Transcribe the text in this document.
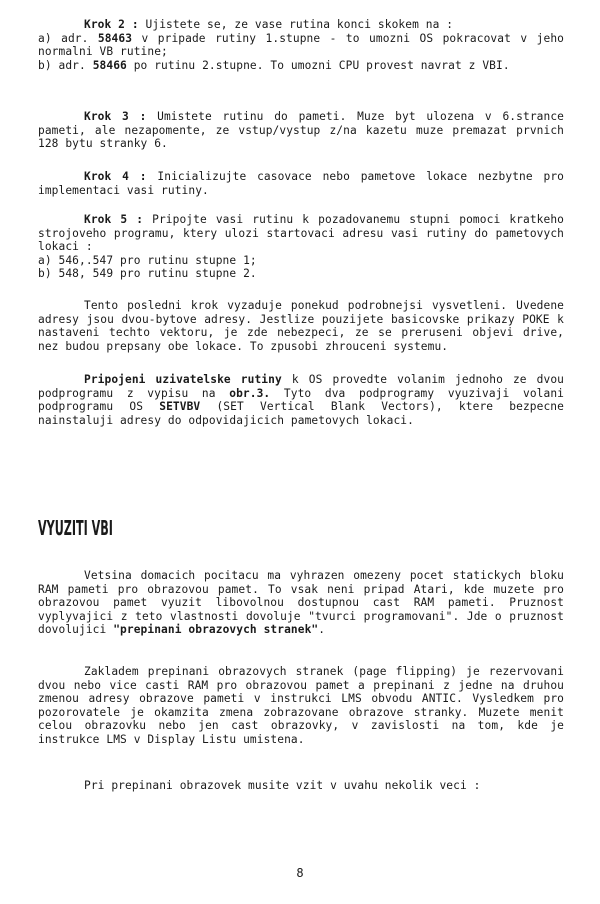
Krok 2 : Ujistete se, ze vase rutina konci skokem na :

a) adr. 58463 v pripade rutiny 1.stupne - to umozni OS pokracovat v jeho normalni VB rutine;

b) adr. 58466 po rutinu 2.stupne. To umozni CPU provest navrat z VBI.

Krok 3 : Umistete rutinu do pameti. Muze byt ulozena v 6.strance pameti, ale nezapomente, ze vstup/vystup z/na kazetu muze premazat prvnich 128 bytu stranky 6.

Krok 4 : Inicializujte casovace nebo pametove lokace nezbytne pro implementaci vasi rutiny.

Krok 5 : Pripojte vasi rutinu k pozadovanemu stupni pomoci kratkeho strojoveho programu, ktery ulozi startovaci adresu vasi rutiny do pametovych lokaci :

a) 546,.547 pro rutinu stupne 1;

b) 548, 549 pro rutinu stupne 2.

Tento posledni krok vyzaduje ponekud podrobnejsi vysvetleni. Uvedene adresy jsou dvou-bytove adresy. Jestlize pouzijete basicovske prikazy POKE k nastaveni techto vektoru, je zde nebezpeci, ze se preruseni objevi drive, nez budou prepsany obe lokace. To zpusobi zhrouceni systemu.

Pripojeni uzivatelske rutiny k OS provedte volanim jednoho ze dvou podprogramu z vypisu na obr.3. Tyto dva podprogramy vyuzivaji volani podprogramu OS SETVBV (SET Vertical Blank Vectors), ktere bezpecne nainstaluji adresy do odpovidajicich pametovych lokaci.

VYUZITI VBI

Vetsina domacich pocitacu ma vyhrazen omezeny pocet statickych bloku RAM pameti pro obrazovou pamet. To vsak neni pripad Atari, kde muzete pro obrazovou pamet vyuzit libovolnou dostupnou cast RAM pameti. Pruznost vyplyvajici z teto vlastnosti dovoluje "tvurci programovani". Jde o pruznost dovolujici "prepinani obrazovych stranek".

Zakladem prepinani obrazovych stranek (page flipping) je rezervovani dvou nebo vice casti RAM pro obrazovou pamet a prepinani z jedne na druhou zmenou adresy obrazove pameti v instrukci LMS obvodu ANTIC. Vysledkem pro pozorovatele je okamzita zmena zobrazovane obrazove stranky. Muzete menit celou obrazovku nebo jen cast obrazovky, v zavislosti na tom, kde je instrukce LMS v Display Listu umistena.

Pri prepinani obrazovek musite vzit v uvahu nekolik veci :

8
